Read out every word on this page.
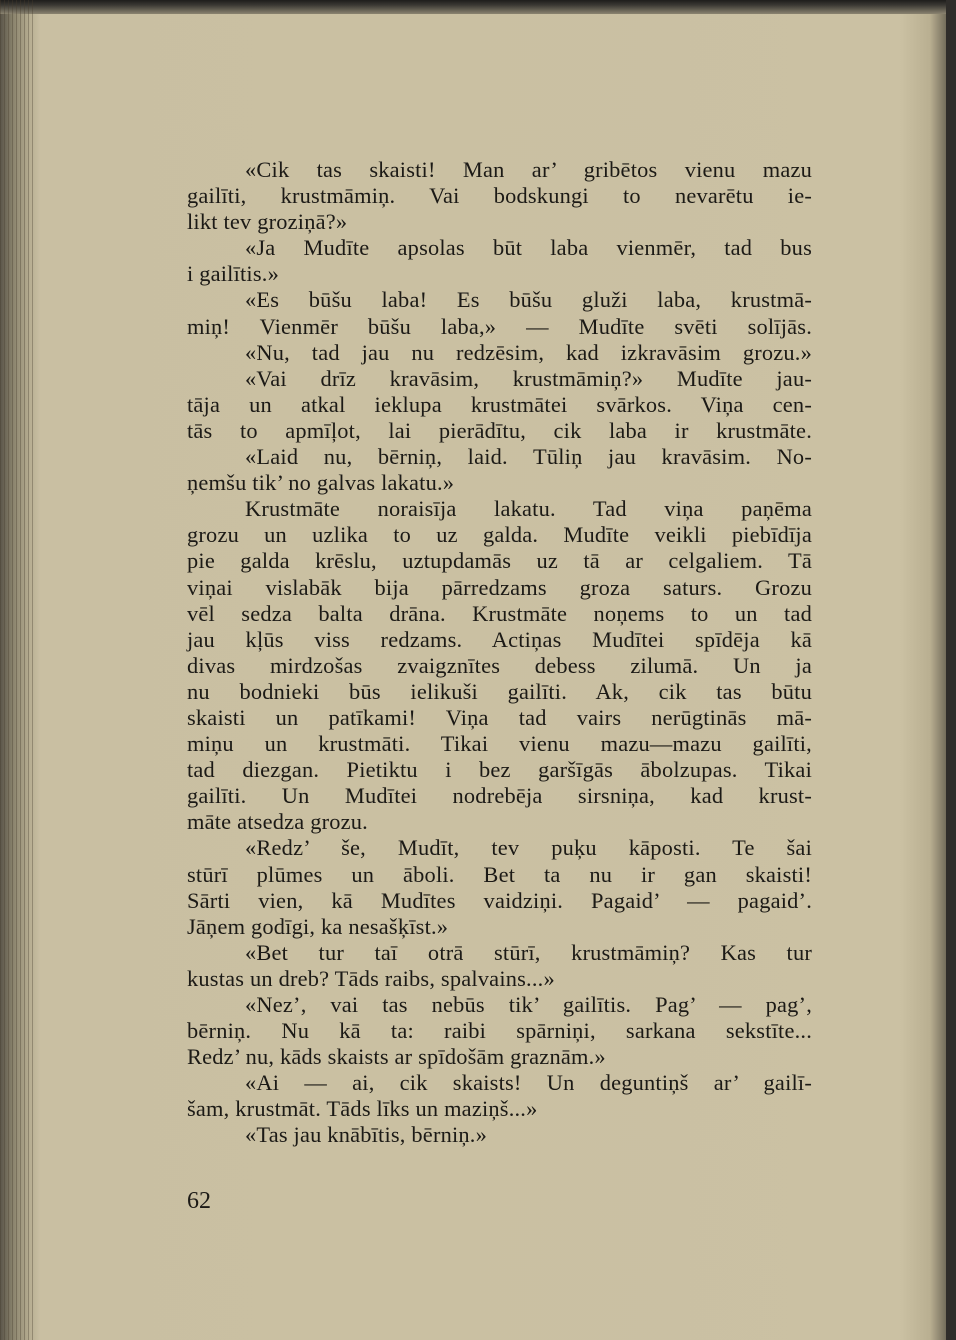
«Cik tas skaisti! Man ar’ gribētos vienu mazu
gailīti, krustmāmiņ. Vai bodskungi to nevarētu ie-
likt tev groziņā?»
«Ja Mudīte apsolas būt laba vienmēr, tad bus
i gailītis.»
«Es būšu laba! Es būšu gluži laba, krustmā-
miņ! Vienmēr būšu laba,» — Mudīte svēti solījās.
«Nu, tad jau nu redzēsim, kad izkravāsim grozu.»
«Vai drīz kravāsim, krustmāmiņ?» Mudīte jau-
tāja un atkal ieklupa krustmātei svārkos. Viņa cen-
tās to apmīļot, lai pierādītu, cik laba ir krustmāte.
«Laid nu, bērniņ, laid. Tūliņ jau kravāsim. No-
ņemšu tik’ no galvas lakatu.»
Krustmāte noraisīja lakatu. Tad viņa paņēma
grozu un uzlika to uz galda. Mudīte veikli piebīdīja
pie galda krēslu, uztupdamās uz tā ar celgaliem. Tā
viņai vislabāk bija pārredzams groza saturs. Grozu
vēl sedza balta drāna. Krustmāte noņems to un tad
jau kļūs viss redzams. Actiņas Mudītei spīdēja kā
divas mirdzošas zvaigznītes debess zilumā. Un ja
nu bodnieki būs ielikuši gailīti. Ak, cik tas būtu
skaisti un patīkami! Viņa tad vairs nerūgtinās mā-
miņu un krustmāti. Tikai vienu mazu—mazu gailīti,
tad diezgan. Pietiktu i bez garšīgās ābolzupas. Tikai
gailīti. Un Mudītei nodrebēja sirsniņa, kad krust-
māte atsedza grozu.
«Redz’ še, Mudīt, tev puķu kāposti. Te šai
stūrī plūmes un āboli. Bet ta nu ir gan skaisti!
Sārti vien, kā Mudītes vaidziņi. Pagaid’ — pagaid’.
Jāņem godīgi, ka nesašķīst.»
«Bet tur taī otrā stūrī, krustmāmiņ? Kas tur
kustas un dreb? Tāds raibs, spalvains...»
«Nez’, vai tas nebūs tik’ gailītis. Pag’ — pag’,
bērniņ. Nu kā ta: raibi spārniņi, sarkana sekstīte...
Redz’ nu, kāds skaists ar spīdošām graznām.»
«Ai — ai, cik skaists! Un deguntiņš ar’ gailī-
šam, krustmāt. Tāds līks un maziņš...»
«Tas jau knābītis, bērniņ.»
62
